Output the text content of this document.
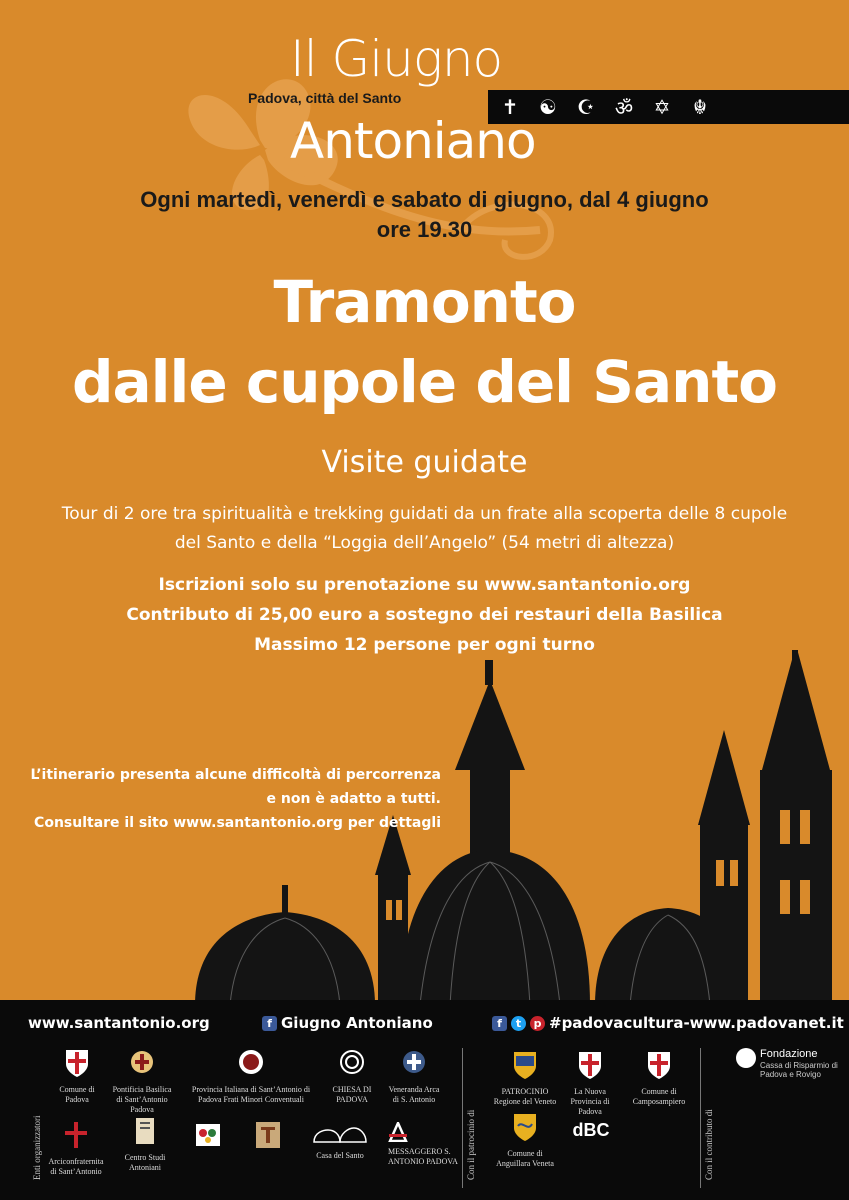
Il Giugno
Padova, città del Santo	✝ ☯ ☪ ॐ ✡	☬
Antoniano
Ogni martedì, venerdì e sabato di giugno, dal 4 giugno
ore 19.30
Tramonto
dalle cupole del Santo
Visite guidate
Tour di 2 ore tra spiritualità e trekking guidati da un frate alla scoperta delle 8 cupole
del Santo e della “Loggia dell’Angelo” (54 metri di altezza)
Iscrizioni solo su prenotazione su www.santantonio.org
Contributo di 25,00 euro a sostegno dei restauri della Basilica
Massimo 12 persone per ogni turno
L’itinerario presenta alcune difficoltà di percorrenza
e non è adatto a tutti.
Consultare il sito www.santantonio.org per dettagli
www.santantonio.org	f Giugno Antoniano	f t p #padovacultura-www.padovanet.it
Enti organizzatori	Con il patrocinio di	Con il contributo di
Comune di Padova
Pontificia Basilica di Sant’Antonio Padova
Provincia Italiana di Sant’Antonio di Padova Frati Minori Conventuali
CHIESA DI PADOVA
Veneranda Arca di S. Antonio
Arciconfraternita di Sant’Antonio
Centro Studi Antoniani
Casa del Santo	MESSAGGERO S. ANTONIO PADOVA
PATROCINIO Regione del Veneto
La Nuova Provincia di Padova
Comune di Camposampiero
Comune di Anguillara Veneta
dBC
Fondazione
Cassa di Risparmio di Padova e Rovigo
